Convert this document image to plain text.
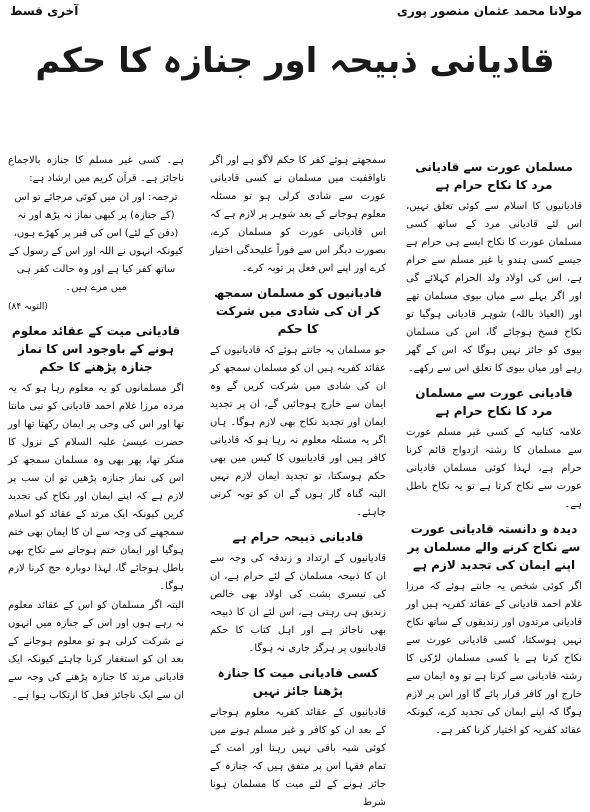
آخری قسط	مولانا محمد عثمان منصور پوری
قادیانی ذبیحہ اور جنازہ کا حکم
مسلمان عورت سے قادیانی مرد کا نکاح حرام ہے

قادیانیوں کا اسلام سے کوئی تعلق نہیں، اس لئے قادیانی مرد کے ساتھ کسی مسلمان عورت کا نکاح ایسے ہی حرام ہے جیسے کسی ہندو یا غیر مسلم سے حرام ہے، اس کی اولاد ولد الحرام کہلائے گی اور اگر پہلے سے میاں بیوی مسلمان تھے اور (العیاذ باللہ) شوہر قادیانی ہوگیا تو نکاح فسخ ہوجائے گا، اس کی مسلمان بیوی کو جائز نہیں ہوگا کہ اس کے گھر رہے اور میاں بیوی کا تعلق اس سے رکھے۔

قادیانی عورت سے مسلمان مرد کا نکاح حرام ہے

علامہ کتابیہ کے کسی غیر مسلم عورت سے مسلمان کا رشتہ ازدواج قائم کرنا حرام ہے، لہذا کوئی مسلمان قادیانی عورت سے نکاح کرتا ہے تو یہ نکاح باطل ہے۔

دیدہ و دانستہ قادیانی عورت سے نکاح کرنے والے مسلمان پر اپنے ایمان کی تجدید لازم ہے

اگر کوئی شخص یہ جانتے ہوئے کہ مرزا غلام احمد قادیانی کے عقائد کفریہ ہیں اور قادیانی مرتدوں اور زندیقوں کے ساتھ نکاح نہیں ہوسکتا، کسی قادیانی عورت سے نکاح کرتا ہے یا کسی مسلمان لڑکی کا رشتہ قادیانی سے کرتا ہے تو وہ ایمان سے خارج اور کافر قرار پائے گا اور اس پر لازم ہوگا کہ اپنے ایمان کی تجدید کرے، کیونکہ عقائد کفریہ کو اختیار کرنا کفر ہے۔

سمجھتے ہوئے کفر کا حکم لاگو ہے اور اگر ناواقفیت میں مسلمان نے کسی قادیانی عورت سے شادی کرلی ہو تو مسئلہ معلوم ہوجانے کے بعد شوہر پر لازم ہے کہ اس قادیانی عورت کو مسلمان کرے، بصورت دیگر اس سے فوراً علیحدگی اختیار کرے اور اپنے اس فعل پر توبہ کرے۔

قادیانیوں کو مسلمان سمجھ کر ان کی شادی میں شرکت کا حکم

جو مسلمان یہ جانتے ہوئے کہ قادیانیوں کے عقائد کفریہ ہیں ان کو مسلمان سمجھ کر ان کی شادی میں شرکت کریں گے وہ ایمان سے خارج ہوجائیں گے، ان پر تجدید ایمان اور تجدید نکاح بھی لازم ہوگا۔ ہاں اگر یہ مسئلہ معلوم نہ رہا ہو کہ قادیانی کافر ہیں اور قادیانیوں کا کیس میں بھی حکم ہوسکتا، تو تجدید ایمان لازم نہیں البتہ گناہ گار ہوں گے ان کو توبہ کرنی چاہئے۔

قادیانی ذبیحہ حرام ہے

قادیانیوں کے ارتداد و زندقہ کی وجہ سے ان کا ذبیحہ مسلمان کے لئے حرام ہے، ان کی تیسری پشت کی اولاد بھی خالص زندیق ہی رہتی ہے، اس لئے ان کا ذبیحہ بھی ناجائز ہے اور اہل کتاب کا حکم قادیانیوں پر ہرگز جاری نہ ہوگا۔

کسی قادیانی میت کا جنازہ پڑھنا جائز نہیں

قادیانیوں کے عقائد کفریہ معلوم ہوجانے کے بعد ان کو کافر و غیر مسلم ہونے میں کوئی شبہ باقی نہیں رہتا اور امت کے تمام فقہا اس پر متفق ہیں کہ جنازہ کے جائز ہونے کے لئے میت کا مسلمان ہونا شرط

ہے۔ کسی غیر مسلم کا جنازہ بالاجماع ناجائز ہے۔ قرآن کریم میں ارشاد ہے:

ترجمہ: اور ان میں کوئی مرجائے تو اس (کے جنازہ) پر کبھی نماز نہ پڑھ اور نہ (دفن کے لئے) اس کی قبر پر کھڑے ہوں، کیونکہ انہوں نے اللہ اور اس کے رسول کے ساتھ کفر کیا ہے اور وہ حالت کفر ہی میں مرے ہیں۔

(التوبہ ۸۴)

قادیانی میت کے عقائد معلوم ہونے کے باوجود اس کا نماز جنازہ پڑھنے کا حکم

اگر مسلمانوں کو یہ معلوم رہا ہو کہ یہ مردہ مرزا غلام احمد قادیانی کو نبی مانتا تھا اور اس کی وحی پر ایمان رکھتا تھا اور حضرت عیسیٰ علیہ السلام کے نزول کا منکر تھا، پھر بھی وہ مسلمان سمجھ کر اس کی نماز جنازہ پڑھیں تو ان سب پر لازم ہے کہ اپنے ایمان اور نکاح کی تجدید کریں کیونکہ ایک مرتد کے عقائد کو اسلام سمجھنے کی وجہ سے ان کا ایمان بھی ختم ہوگیا اور ایمان ختم ہوجانے سے نکاح بھی باطل ہوجائے گا، لہذا دوبارہ حج کرنا لازم ہوگا۔

البتہ اگر مسلمان کو اس کے عقائد معلوم نہ رہے ہوں اور اس کے جنازہ میں انہوں نے شرکت کرلی ہو تو معلوم ہوجانے کے بعد ان کو استغفار کرنا چاہئے کیونکہ ایک قادیانی مرتد کا جنازہ پڑھنے کی وجہ سے ان سے ایک ناجائز فعل کا ارتکاب ہوا ہے۔
